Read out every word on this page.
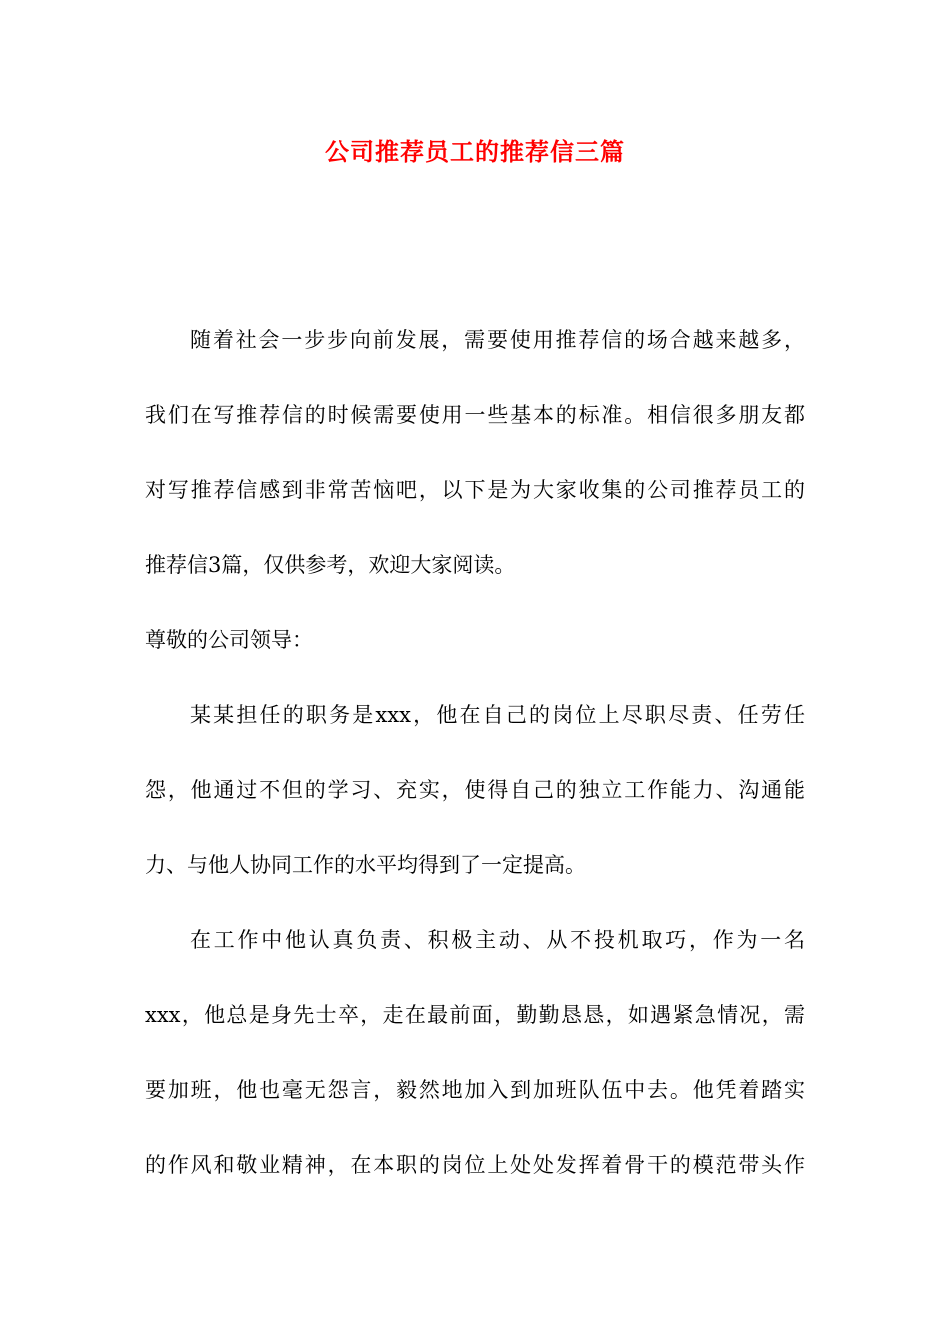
公司推荐员工的推荐信三篇
随着社会一步步向前发展，需要使用推荐信的场合越来越多，
我们在写推荐信的时候需要使用一些基本的标准。相信很多朋友都
对写推荐信感到非常苦恼吧，以下是为大家收集的公司推荐员工的
推荐信3篇，仅供参考，欢迎大家阅读。
尊敬的公司领导：
某某担任的职务是xxx，他在自己的岗位上尽职尽责、任劳任
怨，他通过不但的学习、充实，使得自己的独立工作能力、沟通能
力、与他人协同工作的水平均得到了一定提高。
在工作中他认真负责、积极主动、从不投机取巧，作为一名
xxx，他总是身先士卒，走在最前面，勤勤恳恳，如遇紧急情况，需
要加班，他也毫无怨言，毅然地加入到加班队伍中去。他凭着踏实
的作风和敬业精神，在本职的岗位上处处发挥着骨干的模范带头作
